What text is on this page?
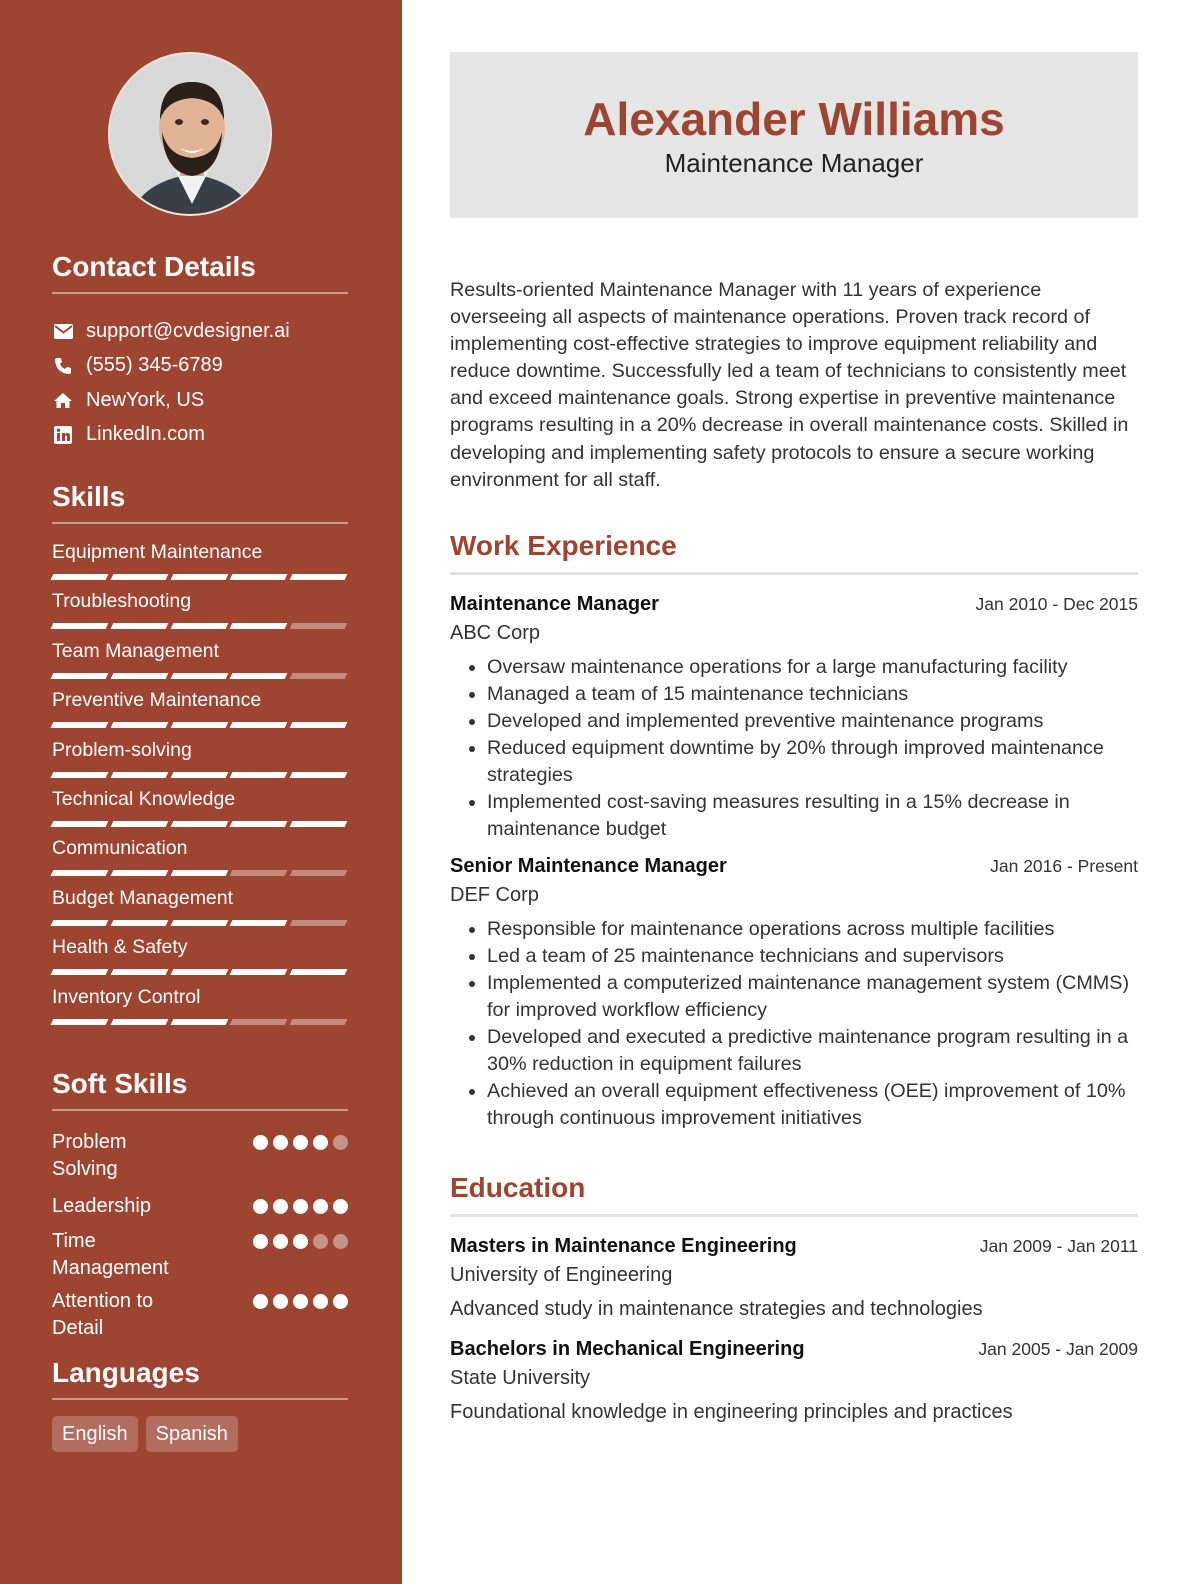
Contact Details
support@cvdesigner.ai
(555) 345-6789
NewYork, US
LinkedIn.com
Skills
Equipment Maintenance
Troubleshooting
Team Management
Preventive Maintenance
Problem-solving
Technical Knowledge
Communication
Budget Management
Health & Safety
Inventory Control
Soft Skills
Problem Solving
Leadership
Time Management
Attention to Detail
Languages
English	Spanish
Alexander Williams
Maintenance Manager

Results-oriented Maintenance Manager with 11 years of experience overseeing all aspects of maintenance operations. Proven track record of implementing cost-effective strategies to improve equipment reliability and reduce downtime. Successfully led a team of technicians to consistently meet and exceed maintenance goals. Strong expertise in preventive maintenance programs resulting in a 20% decrease in overall maintenance costs. Skilled in developing and implementing safety protocols to ensure a secure working environment for all staff.

Work Experience
Maintenance Manager	Jan 2010 - Dec 2015
ABC Corp
• Oversaw maintenance operations for a large manufacturing facility
• Managed a team of 15 maintenance technicians
• Developed and implemented preventive maintenance programs
• Reduced equipment downtime by 20% through improved maintenance strategies
• Implemented cost-saving measures resulting in a 15% decrease in maintenance budget
Senior Maintenance Manager	Jan 2016 - Present
DEF Corp
• Responsible for maintenance operations across multiple facilities
• Led a team of 25 maintenance technicians and supervisors
• Implemented a computerized maintenance management system (CMMS) for improved workflow efficiency
• Developed and executed a predictive maintenance program resulting in a 30% reduction in equipment failures
• Achieved an overall equipment effectiveness (OEE) improvement of 10% through continuous improvement initiatives
Education
Masters in Maintenance Engineering	Jan 2009 - Jan 2011
University of Engineering
Advanced study in maintenance strategies and technologies
Bachelors in Mechanical Engineering	Jan 2005 - Jan 2009
State University
Foundational knowledge in engineering principles and practices
